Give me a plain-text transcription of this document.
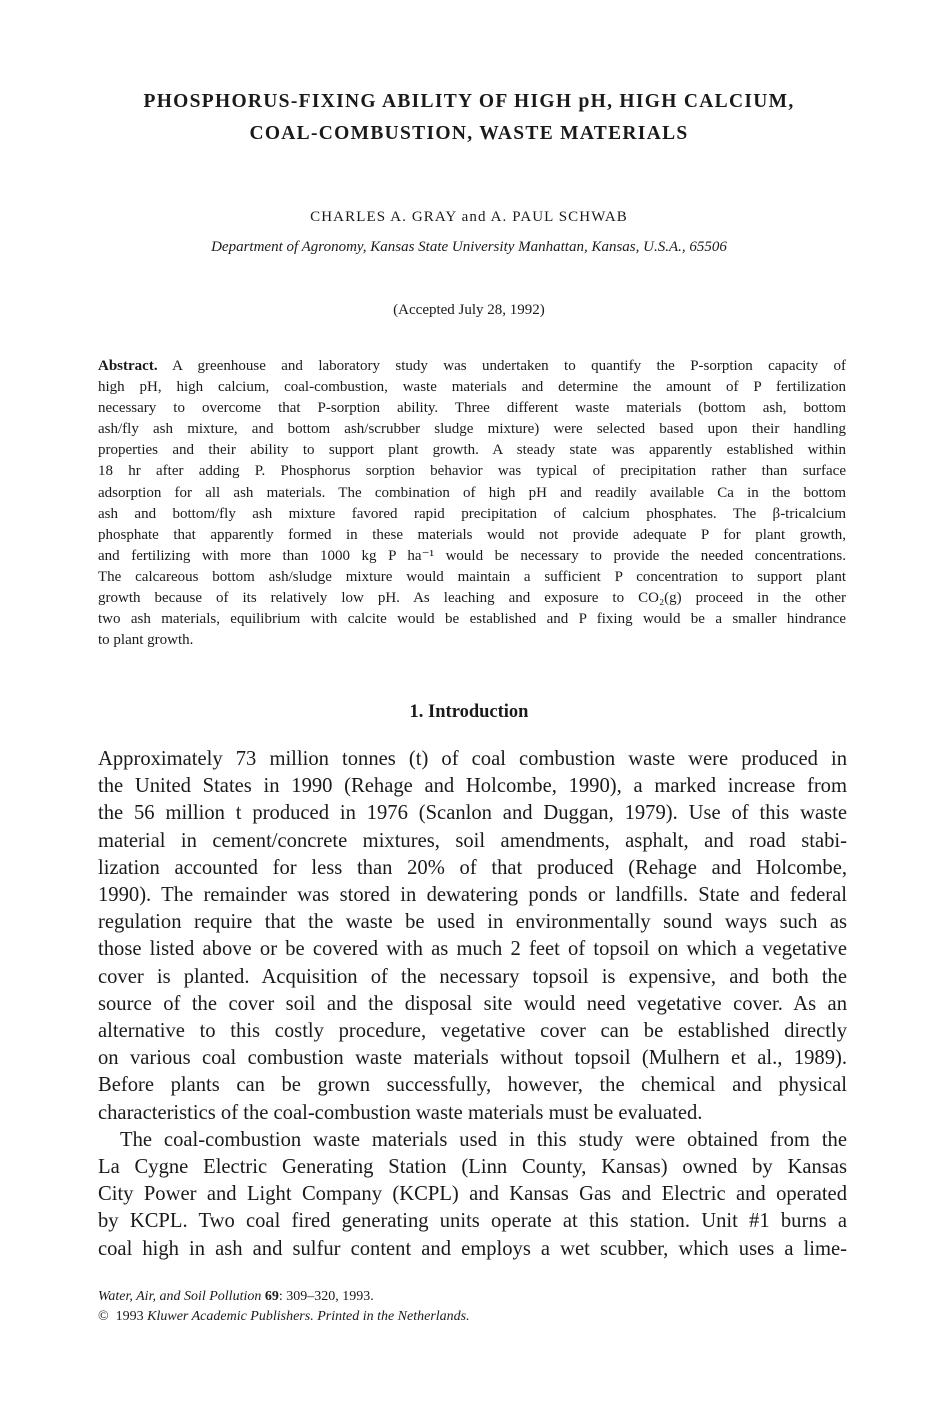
PHOSPHORUS-FIXING ABILITY OF HIGH pH, HIGH CALCIUM,
COAL-COMBUSTION, WASTE MATERIALS

CHARLES A. GRAY and A. PAUL SCHWAB

Department of Agronomy, Kansas State University Manhattan, Kansas, U.S.A., 65506

(Accepted July 28, 1992)

Abstract. A greenhouse and laboratory study was undertaken to quantify the P-sorption capacity of
high pH, high calcium, coal-combustion, waste materials and determine the amount of P fertilization
necessary to overcome that P-sorption ability. Three different waste materials (bottom ash, bottom
ash/fly ash mixture, and bottom ash/scrubber sludge mixture) were selected based upon their handling
properties and their ability to support plant growth. A steady state was apparently established within
18 hr after adding P. Phosphorus sorption behavior was typical of precipitation rather than surface
adsorption for all ash materials. The combination of high pH and readily available Ca in the bottom
ash and bottom/fly ash mixture favored rapid precipitation of calcium phosphates. The β-tricalcium
phosphate that apparently formed in these materials would not provide adequate P for plant growth,
and fertilizing with more than 1000 kg P ha⁻¹ would be necessary to provide the needed concentrations.
The calcareous bottom ash/sludge mixture would maintain a sufficient P concentration to support plant
growth because of its relatively low pH. As leaching and exposure to CO₂(g) proceed in the other
two ash materials, equilibrium with calcite would be established and P fixing would be a smaller hindrance
to plant growth.
1. Introduction
Approximately 73 million tonnes (t) of coal combustion waste were produced in
the United States in 1990 (Rehage and Holcombe, 1990), a marked increase from
the 56 million t produced in 1976 (Scanlon and Duggan, 1979). Use of this waste
material in cement/concrete mixtures, soil amendments, asphalt, and road stabi-
lization accounted for less than 20% of that produced (Rehage and Holcombe,
1990). The remainder was stored in dewatering ponds or landfills. State and federal
regulation require that the waste be used in environmentally sound ways such as
those listed above or be covered with as much 2 feet of topsoil on which a vegetative
cover is planted. Acquisition of the necessary topsoil is expensive, and both the
source of the cover soil and the disposal site would need vegetative cover. As an
alternative to this costly procedure, vegetative cover can be established directly
on various coal combustion waste materials without topsoil (Mulhern et al., 1989).
Before plants can be grown successfully, however, the chemical and physical
characteristics of the coal-combustion waste materials must be evaluated.
The coal-combustion waste materials used in this study were obtained from the
La Cygne Electric Generating Station (Linn County, Kansas) owned by Kansas
City Power and Light Company (KCPL) and Kansas Gas and Electric and operated
by KCPL. Two coal fired generating units operate at this station. Unit #1 burns a
coal high in ash and sulfur content and employs a wet scubber, which uses a lime-
Water, Air, and Soil Pollution 69: 309–320, 1993.
© 1993 Kluwer Academic Publishers. Printed in the Netherlands.
